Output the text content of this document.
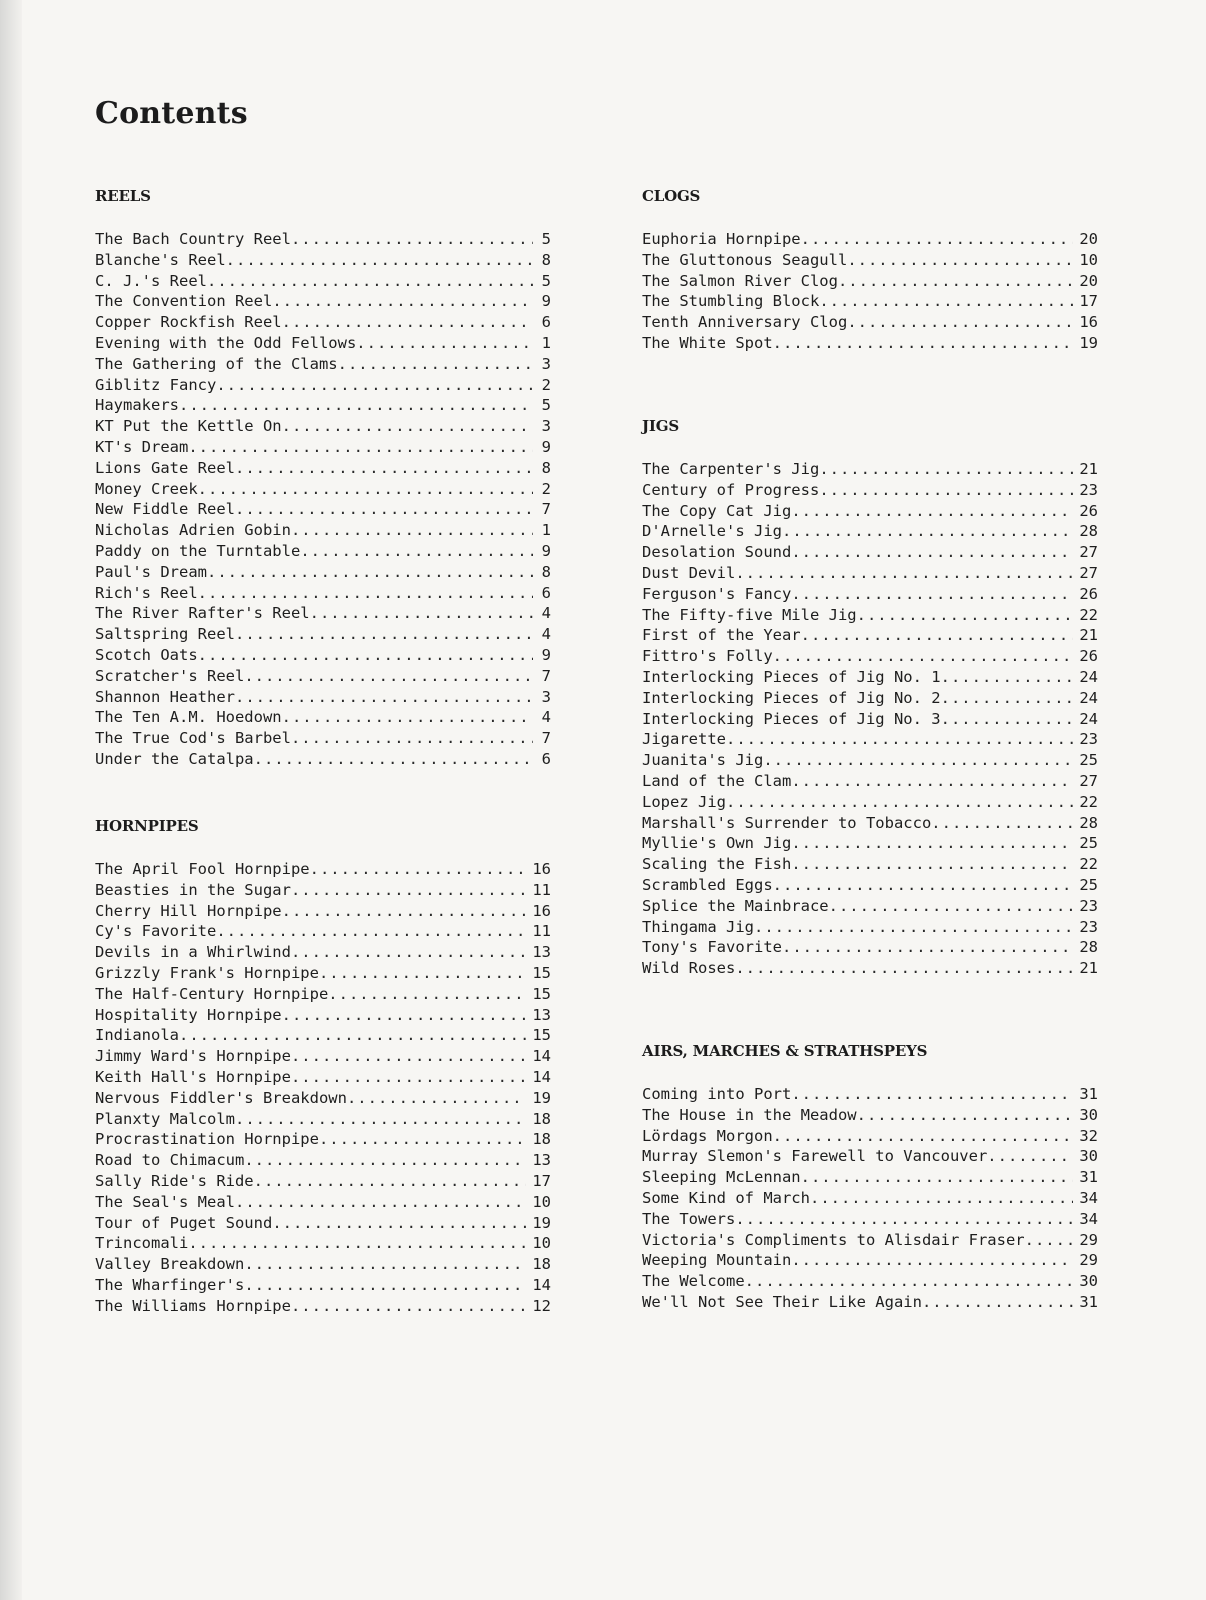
Contents
REELS
The Bach Country Reel .....	5
Blanche's Reel .....	8
C. J.'s Reel .....	5
The Convention Reel .....	9
Copper Rockfish Reel .....	6
Evening with the Odd Fellows .....	1
The Gathering of the Clams .....	3
Giblitz Fancy .....	2
Haymakers .....	5
KT Put the Kettle On .....	3
KT's Dream .....	9
Lions Gate Reel .....	8
Money Creek .....	2
New Fiddle Reel .....	7
Nicholas Adrien Gobin .....	1
Paddy on the Turntable .....	9
Paul's Dream .....	8
Rich's Reel .....	6
The River Rafter's Reel .....	4
Saltspring Reel .....	4
Scotch Oats .....	9
Scratcher's Reel .....	7
Shannon Heather .....	3
The Ten A.M. Hoedown .....	4
The True Cod's Barbel .....	7
Under the Catalpa .....	6
HORNPIPES
The April Fool Hornpipe .....	16
Beasties in the Sugar .....	11
Cherry Hill Hornpipe .....	16
Cy's Favorite .....	11
Devils in a Whirlwind .....	13
Grizzly Frank's Hornpipe .....	15
The Half-Century Hornpipe .....	15
Hospitality Hornpipe .....	13
Indianola .....	15
Jimmy Ward's Hornpipe .....	14
Keith Hall's Hornpipe .....	14
Nervous Fiddler's Breakdown .....	19
Planxty Malcolm .....	18
Procrastination Hornpipe .....	18
Road to Chimacum .....	13
Sally Ride's Ride .....	17
The Seal's Meal .....	10
Tour of Puget Sound .....	19
Trincomali .....	10
Valley Breakdown .....	18
The Wharfinger's .....	14
The Williams Hornpipe .....	12
CLOGS
Euphoria Hornpipe .....	20
The Gluttonous Seagull .....	10
The Salmon River Clog .....	20
The Stumbling Block .....	17
Tenth Anniversary Clog .....	16
The White Spot .....	19
JIGS
The Carpenter's Jig .....	21
Century of Progress .....	23
The Copy Cat Jig .....	26
D'Arnelle's Jig .....	28
Desolation Sound .....	27
Dust Devil .....	27
Ferguson's Fancy .....	26
The Fifty-five Mile Jig .....	22
First of the Year .....	21
Fittro's Folly .....	26
Interlocking Pieces of Jig No. 1 .....	24
Interlocking Pieces of Jig No. 2 .....	24
Interlocking Pieces of Jig No. 3 .....	24
Jigarette .....	23
Juanita's Jig .....	25
Land of the Clam .....	27
Lopez Jig .....	22
Marshall's Surrender to Tobacco .....	28
Myllie's Own Jig .....	25
Scaling the Fish .....	22
Scrambled Eggs .....	25
Splice the Mainbrace .....	23
Thingama Jig .....	23
Tony's Favorite .....	28
Wild Roses .....	21
AIRS, MARCHES & STRATHSPEYS
Coming into Port .....	31
The House in the Meadow .....	30
Lördags Morgon .....	32
Murray Slemon's Farewell to Vancouver .....	30
Sleeping McLennan .....	31
Some Kind of March .....	34
The Towers .....	34
Victoria's Compliments to Alisdair Fraser .....	29
Weeping Mountain .....	29
The Welcome .....	30
We'll Not See Their Like Again .....	31
